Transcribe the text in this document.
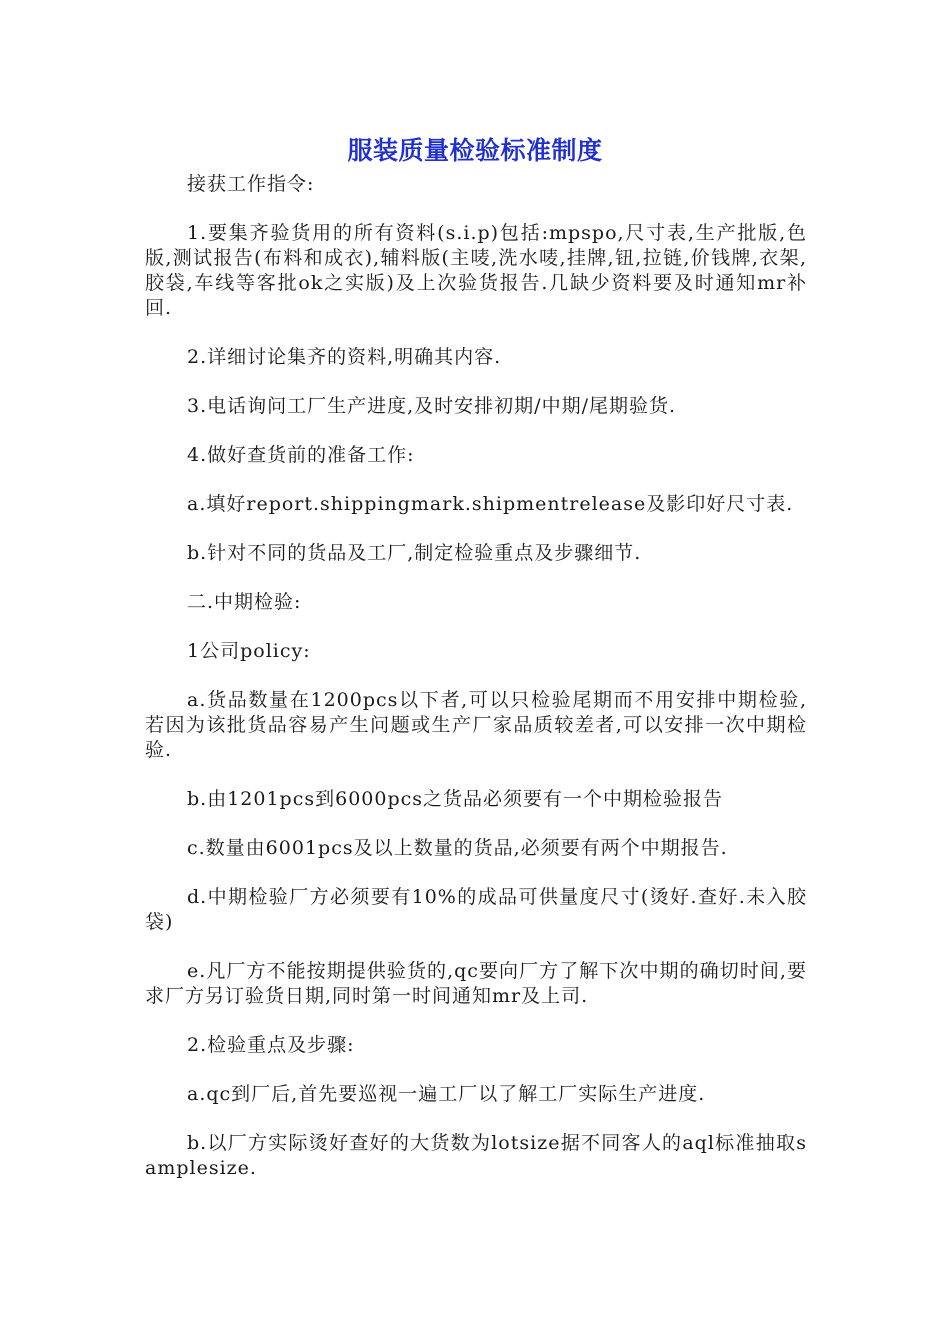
服装质量检验标准制度

接获工作指令:

1.要集齐验货用的所有资料(s.i.p)包括:mpspo,尺寸表,生产批版,色版,测试报告(布料和成衣),辅料版(主唛,洗水唛,挂牌,钮,拉链,价钱牌,衣架,胶袋,车线等客批ok之实版)及上次验货报告.几缺少资料要及时通知mr补回.

2.详细讨论集齐的资料,明确其内容.

3.电话询问工厂生产进度,及时安排初期/中期/尾期验货.

4.做好查货前的准备工作:

a.填好report.shippingmark.shipmentrelease及影印好尺寸表.

b.针对不同的货品及工厂,制定检验重点及步骤细节.

二.中期检验:

1公司policy:

a.货品数量在1200pcs以下者,可以只检验尾期而不用安排中期检验,若因为该批货品容易产生问题或生产厂家品质较差者,可以安排一次中期检验.

b.由1201pcs到6000pcs之货品必须要有一个中期检验报告

c.数量由6001pcs及以上数量的货品,必须要有两个中期报告.

d.中期检验厂方必须要有10%的成品可供量度尺寸(烫好.查好.未入胶袋)

e.凡厂方不能按期提供验货的,qc要向厂方了解下次中期的确切时间,要求厂方另订验货日期,同时第一时间通知mr及上司.

2.检验重点及步骤:

a.qc到厂后,首先要巡视一遍工厂以了解工厂实际生产进度.

b.以厂方实际烫好查好的大货数为lotsize据不同客人的aql标准抽取samplesize.
